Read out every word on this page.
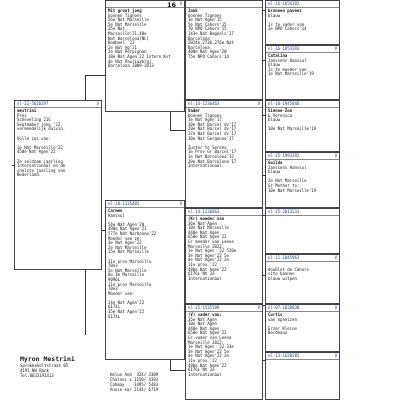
nl-22-5620197	V
mestrini
Prez
Scheveling 21G
September jong '22,
vermoedelijk duivin.

Volle zus van:

1e Nat Marseille'22
450e Nat Agen'22

Ze zeldzam jaarling
Internationaal en de
snelste jaarling van
Nederland.
nl-18-1335405	V
Carmen
Hanssul

54e Nat Agen'20
490e Nat Agen'21
577e Nat Narbonne'22
Moeder van ze:
3e Nat Agen'22
2e Nat Marseille
15e Nat Marseille

31e prov Marseille
70e3
5e Nat Marseille
8e Im Marseille
9096L
11e prov Marseille
70e3
Moeder van:

24e Nat Agen'22
6174L
15e Nat Agen'22
6174L
V
Mit groot jong
bonnen Tignons
26e Nat Marseille
5e Nat Marseille
25e Nat
Marseille'21,40e
Nat Barcelona(NL)
Bombeel '22
2e Nat Ag'21
2e Nat Perpignan
18e Nat Agen'22 Intern Kvt
4e Nat Pau(Luxbrg)
Barcelona 2009-2013
16
Jank
bonnen Tignons
3e Nat Agen'15
5e Nat Cahors'15
70 NPO Cahors'15
143e Nat Bagnols'17
Barcelona
2024e,2736,276e Nat
Barcelona
400e Nat Agen'20
75e NPO Cahors'14
nl-14-1236463	V
Vader
bonnen Tignons
3e Nat Agen'17
10e Nat Barcel dv'17
20e Nat Barcel dv'17
37e Nat Barcel dv'17
30e Nat Gergonne'17

Zuster to Serena
1e Prov Gr Barcel'17
1e Nat Barcelona'17
20e Nat Barcelona'17
Internationaal
nl-14-1236863
(Kr) moeder van
36e Nat Agen
10e Nat Marseille
440e Nat Agen
650e Nat Agen'22
Gr moeder van Leena
Marseille 2022:
1e Nat Agen '22 520e
3e Nat Agen'22 5e
4e Nat Agen'22 2e
11e prov '22
480e Nat Agen'22
6176L Nt 2e
Internationaal
nl-15-1535109	V
(V) vader van:
35e Nat Agen
10e Nat Agen
440e Nat Agen
650e Nat Agen'22
Gr vader van Leena
Marseille 2022:
1e Nat Agen '22 33e
3e Nat Agen'22 5e
4e Nat Agen'22 2e
11e prov '22
480e Nat Agen'22
6176L Nt 2e
Internationaal
nl-16-1656392
bronnen pavens
blauw

Is to vader van
2e NPO Cahors'14
nl-16-1654393	V
Catalina
Janssens Hanssul
blauw
Is to moeder van
1e Nat Marseille'19
nl-10-1945840
Sienne Zon
& Veronica
blauw

10e Nat Marseille'19
nl-15-1993392	V
Guilda
Janssens Hanssul
blauw

Ze Nat Marseille
Gr Mother to:
10e Nat Marseille'19
nl-15-2013233

nl-11-1045963	V

doublet de Cahors
site bannen
blauw witpen
nl-07-1020838	V
Curtis
van opheizen

Erzer Kleine
Bordeaux
nl-13-1620285	V

Helun And  324/ 3309
Chalons x 1150/ 4383
Cahmay    1495/ 5483
Annie ear 2144/ 6719
Myron Mestrini
Sprokkeholtstraat 05
4191 NH Bonk
Tel.0633191413
